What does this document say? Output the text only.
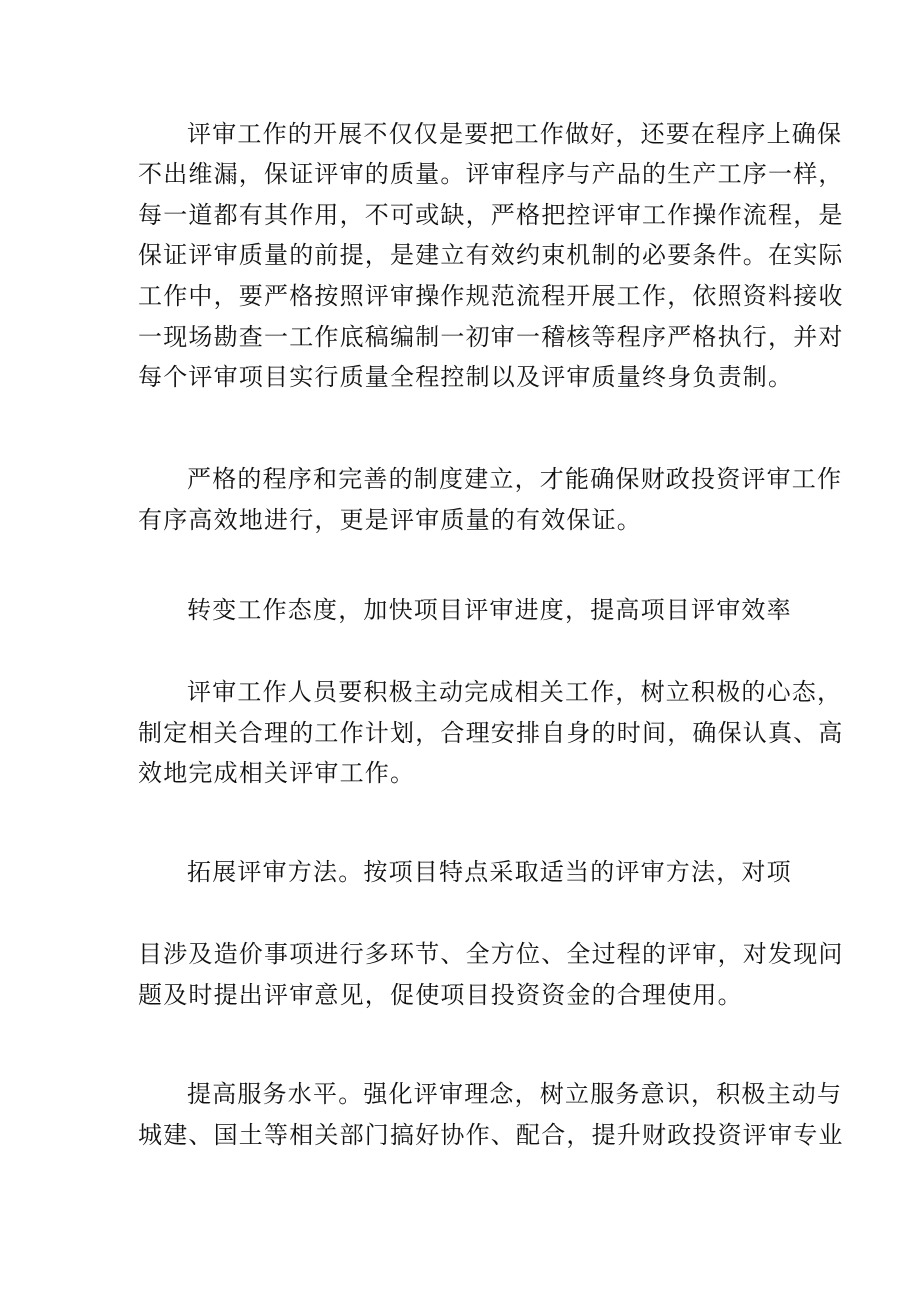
评审工作的开展不仅仅是要把工作做好，还要在程序上确保
不出维漏，保证评审的质量。评审程序与产品的生产工序一样，
每一道都有其作用，不可或缺，严格把控评审工作操作流程，是
保证评审质量的前提，是建立有效约束机制的必要条件。在实际
工作中，要严格按照评审操作规范流程开展工作，依照资料接收
一现场勘查一工作底稿编制一初审一稽核等程序严格执行，并对
每个评审项目实行质量全程控制以及评审质量终身负责制。
严格的程序和完善的制度建立，才能确保财政投资评审工作
有序高效地进行，更是评审质量的有效保证。
转变工作态度，加快项目评审进度，提高项目评审效率
评审工作人员要积极主动完成相关工作，树立积极的心态，
制定相关合理的工作计划，合理安排自身的时间，确保认真、高
效地完成相关评审工作。
拓展评审方法。按项目特点采取适当的评审方法，对项
目涉及造价事项进行多环节、全方位、全过程的评审，对发现问
题及时提出评审意见，促使项目投资资金的合理使用。
提高服务水平。强化评审理念，树立服务意识，积极主动与
城建、国土等相关部门搞好协作、配合，提升财政投资评审专业
